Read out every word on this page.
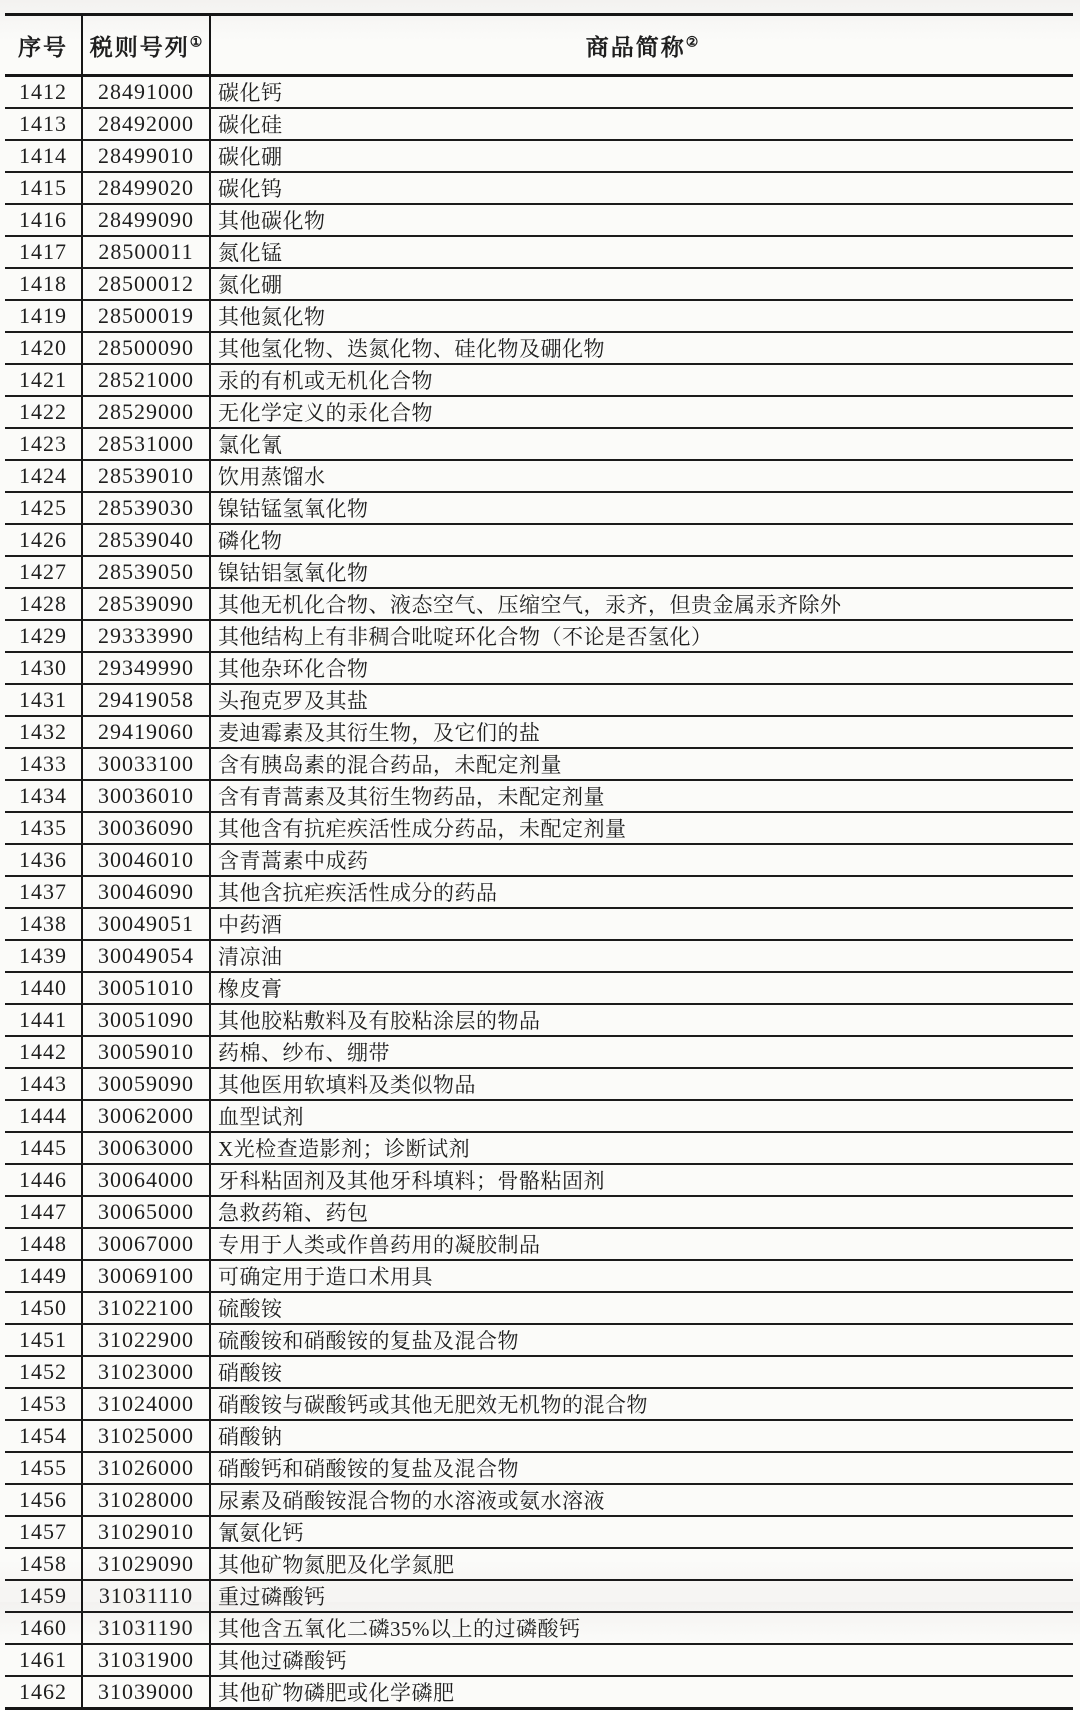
序号	税则号列①	商品简称②
1412	28491000	碳化钙
1413	28492000	碳化硅
1414	28499010	碳化硼
1415	28499020	碳化钨
1416	28499090	其他碳化物
1417	28500011	氮化锰
1418	28500012	氮化硼
1419	28500019	其他氮化物
1420	28500090	其他氢化物、迭氮化物、硅化物及硼化物
1421	28521000	汞的有机或无机化合物
1422	28529000	无化学定义的汞化合物
1423	28531000	氯化氰
1424	28539010	饮用蒸馏水
1425	28539030	镍钴锰氢氧化物
1426	28539040	磷化物
1427	28539050	镍钴铝氢氧化物
1428	28539090	其他无机化合物、液态空气、压缩空气，汞齐，但贵金属汞齐除外
1429	29333990	其他结构上有非稠合吡啶环化合物（不论是否氢化）
1430	29349990	其他杂环化合物
1431	29419058	头孢克罗及其盐
1432	29419060	麦迪霉素及其衍生物，及它们的盐
1433	30033100	含有胰岛素的混合药品，未配定剂量
1434	30036010	含有青蒿素及其衍生物药品，未配定剂量
1435	30036090	其他含有抗疟疾活性成分药品，未配定剂量
1436	30046010	含青蒿素中成药
1437	30046090	其他含抗疟疾活性成分的药品
1438	30049051	中药酒
1439	30049054	清凉油
1440	30051010	橡皮膏
1441	30051090	其他胶粘敷料及有胶粘涂层的物品
1442	30059010	药棉、纱布、绷带
1443	30059090	其他医用软填料及类似物品
1444	30062000	血型试剂
1445	30063000	X光检查造影剂；诊断试剂
1446	30064000	牙科粘固剂及其他牙科填料；骨骼粘固剂
1447	30065000	急救药箱、药包
1448	30067000	专用于人类或作兽药用的凝胶制品
1449	30069100	可确定用于造口术用具
1450	31022100	硫酸铵
1451	31022900	硫酸铵和硝酸铵的复盐及混合物
1452	31023000	硝酸铵
1453	31024000	硝酸铵与碳酸钙或其他无肥效无机物的混合物
1454	31025000	硝酸钠
1455	31026000	硝酸钙和硝酸铵的复盐及混合物
1456	31028000	尿素及硝酸铵混合物的水溶液或氨水溶液
1457	31029010	氰氨化钙
1458	31029090	其他矿物氮肥及化学氮肥
1459	31031110	重过磷酸钙
1460	31031190	其他含五氧化二磷35%以上的过磷酸钙
1461	31031900	其他过磷酸钙
1462	31039000	其他矿物磷肥或化学磷肥
